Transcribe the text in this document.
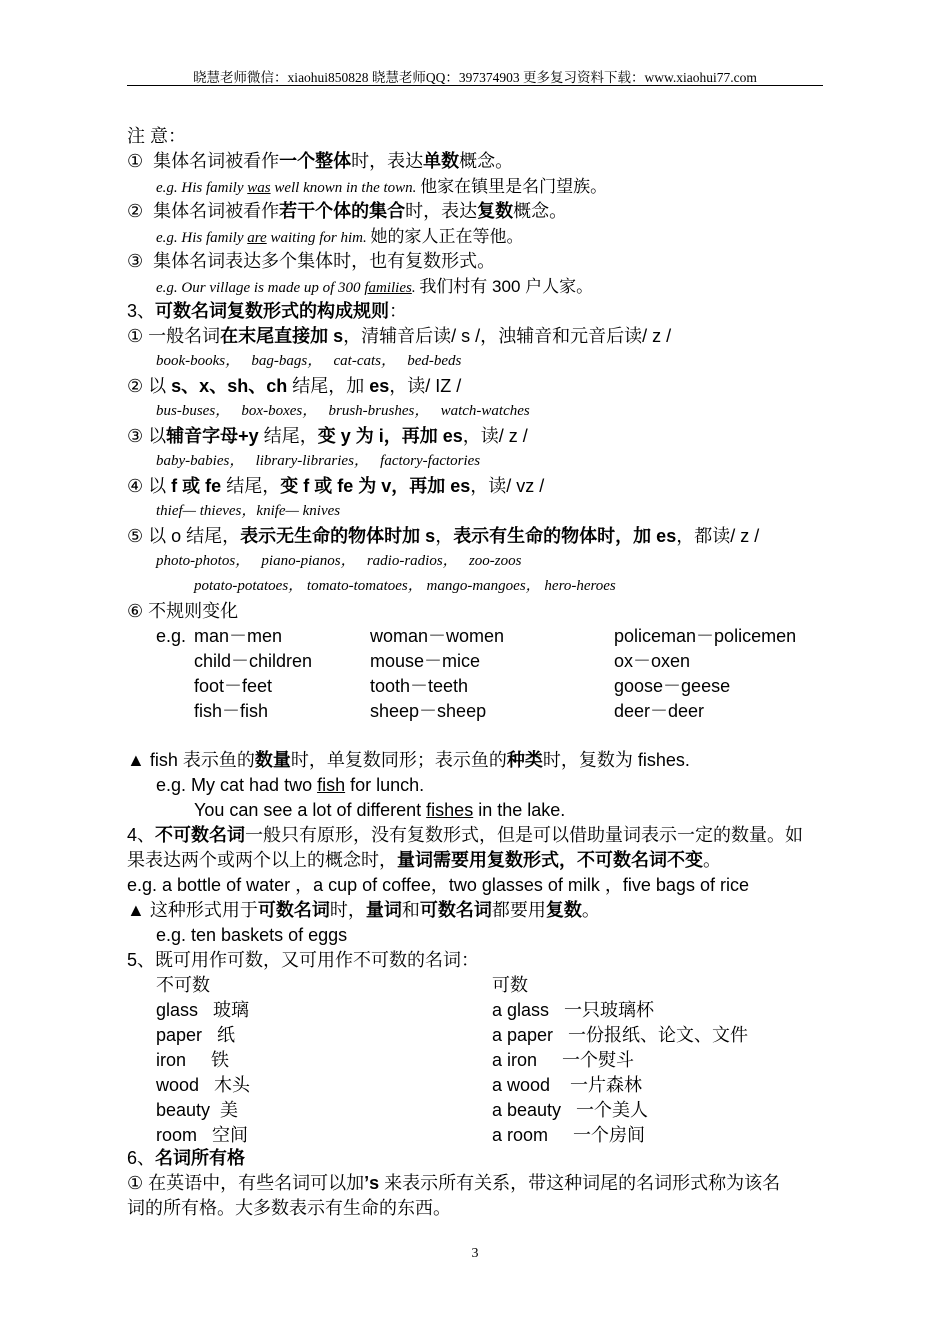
晓慧老师微信：xiaohui850828 晓慧老师QQ：397374903 更多复习资料下载：www.xiaohui77.com
注 意：
① 集体名词被看作一个整体时，表达单数概念。
e.g. His family was well known in the town. 他家在镇里是名门望族。
② 集体名词被看作若干个体的集合时，表达复数概念。
e.g. His family are waiting for him. 她的家人正在等他。
③ 集体名词表达多个集体时，也有复数形式。
e.g. Our village is made up of 300 families. 我们村有 300 户人家。
3、可数名词复数形式的构成规则：
① 一般名词在末尾直接加 s，清辅音后读/ s /，浊辅音和元音后读/ z /
book-books， bag-bags， cat-cats， bed-beds
② 以 s、x、sh、ch 结尾，加 es，读/ IZ /
bus-buses， box-boxes， brush-brushes， watch-watches
③ 以辅音字母+y 结尾，变 y 为 i，再加 es，读/ z /
baby-babies， library-libraries， factory-factories
④ 以 f 或 fe 结尾，变 f 或 fe 为 v，再加 es，读/ vz /
thief— thieves，knife— knives
⑤ 以 o 结尾，表示无生命的物体时加 s，表示有生命的物体时，加 es，都读/ z /
photo-photos， piano-pianos， radio-radios， zoo-zoos
potato-potatoes， tomato-tomatoes， mango-mangoes， hero-heroes
⑥ 不规则变化
e.g. man－men	woman－women	policeman－policemen
child－children	mouse－mice	ox－oxen
foot－feet	tooth－teeth	goose－geese
fish－fish	sheep－sheep	deer－deer
▲ fish 表示鱼的数量时，单复数同形；表示鱼的种类时，复数为 fishes.
e.g. My cat had two fish for lunch.
You can see a lot of different fishes in the lake.
4、不可数名词一般只有原形，没有复数形式，但是可以借助量词表示一定的数量。如
果表达两个或两个以上的概念时，量词需要用复数形式，不可数名词不变。
e.g. a bottle of water ，a cup of coffee，two glasses of milk ，five bags of rice
▲ 这种形式用于可数名词时，量词和可数名词都要用复数。
e.g. ten baskets of eggs
5、既可用作可数，又可用作不可数的名词：
不可数	可数
glass   玻璃	a glass   一只玻璃杯
paper   纸	a paper   一份报纸、论文、文件
iron     铁	a iron     一个熨斗
wood   木头	a wood    一片森林
beauty  美	a beauty   一个美人
room   空间	a room     一个房间
6、名词所有格
① 在英语中，有些名词可以加’s 来表示所有关系，带这种词尾的名词形式称为该名
词的所有格。大多数表示有生命的东西。
3
